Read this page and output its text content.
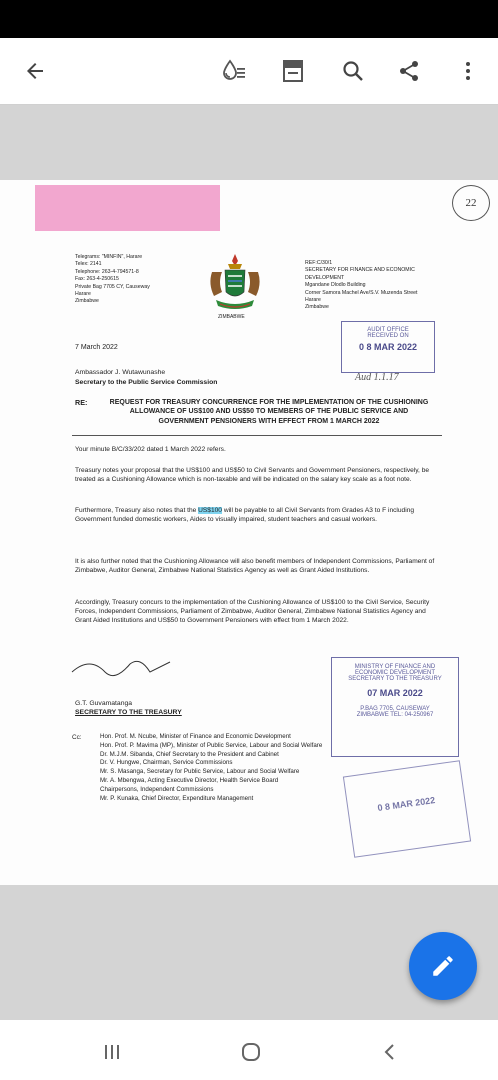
22

Telegrams: "MINFIN", Harare

Telex: 2141

Telephone: 263-4-794571-8

Fax: 263-4-250615

Private Bag 7705 CY, Causeway

Harare

Zimbabwe

ZIMBABWE

REF:C/30/1

SECRETARY FOR FINANCE AND ECONOMIC

DEVELOPMENT

Mgandane Dlodlo Building

Corner Samora Machel Ave/S.V. Muzenda Street

Harare

Zimbabwe

AUDIT OFFICE
RECEIVED ON
0 8 MAR 2022
Aud 1.1.17
7 March 2022
Ambassador J. Wutawunashe
Secretary to the Public Service Commission
RE:	REQUEST FOR TREASURY CONCURRENCE FOR THE IMPLEMENTATION OF THE CUSHIONING ALLOWANCE OF US$100 AND US$50 TO MEMBERS OF THE PUBLIC SERVICE AND GOVERNMENT PENSIONERS WITH EFFECT FROM 1 MARCH 2022
Your minute B/C/33/202 dated 1 March 2022 refers.
Treasury notes your proposal that the US$100 and US$50 to Civil Servants and Government Pensioners, respectively, be treated as a Cushioning Allowance which is non-taxable and will be indicated on the salary key scale as a foot note.
Furthermore, Treasury also notes that the US$100 will be payable to all Civil Servants from Grades A3 to F including Government funded domestic workers, Aides to visually impaired, student teachers and casual workers.
It is also further noted that the Cushioning Allowance will also benefit members of Independent Commissions, Parliament of Zimbabwe, Auditor General, Zimbabwe National Statistics Agency as well as Grant Aided Institutions.
Accordingly, Treasury concurs to the implementation of the Cushioning Allowance of US$100 to the Civil Service, Security Forces, Independent Commissions, Parliament of Zimbabwe, Auditor General, Zimbabwe National Statistics Agency and Grant Aided Institutions and US$50 to Government Pensioners with effect from 1 March 2022.
MINISTRY OF FINANCE AND
ECONOMIC DEVELOPMENT
SECRETARY TO THE TREASURY
07 MAR 2022
P.BAG 7705, CAUSEWAY
ZIMBABWE TEL: 04-250967
G.T. Guvamatanga
SECRETARY TO THE TREASURY
Cc:	Hon. Prof. M. Ncube, Minister of Finance and Economic Development
Hon. Prof. P. Mavima (MP), Minister of Public Service, Labour and Social Welfare
Dr. M.J.M. Sibanda, Chief Secretary to the President and Cabinet
Dr. V. Hungwe, Chairman, Service Commissions
Mr. S. Masanga, Secretary for Public Service, Labour and Social Welfare
Mr. A. Mbengwa, Acting Executive Director, Health Service Board
Chairpersons, Independent Commissions
Mr. P. Kunaka, Chief Director, Expenditure Management	0 8 MAR 2022
